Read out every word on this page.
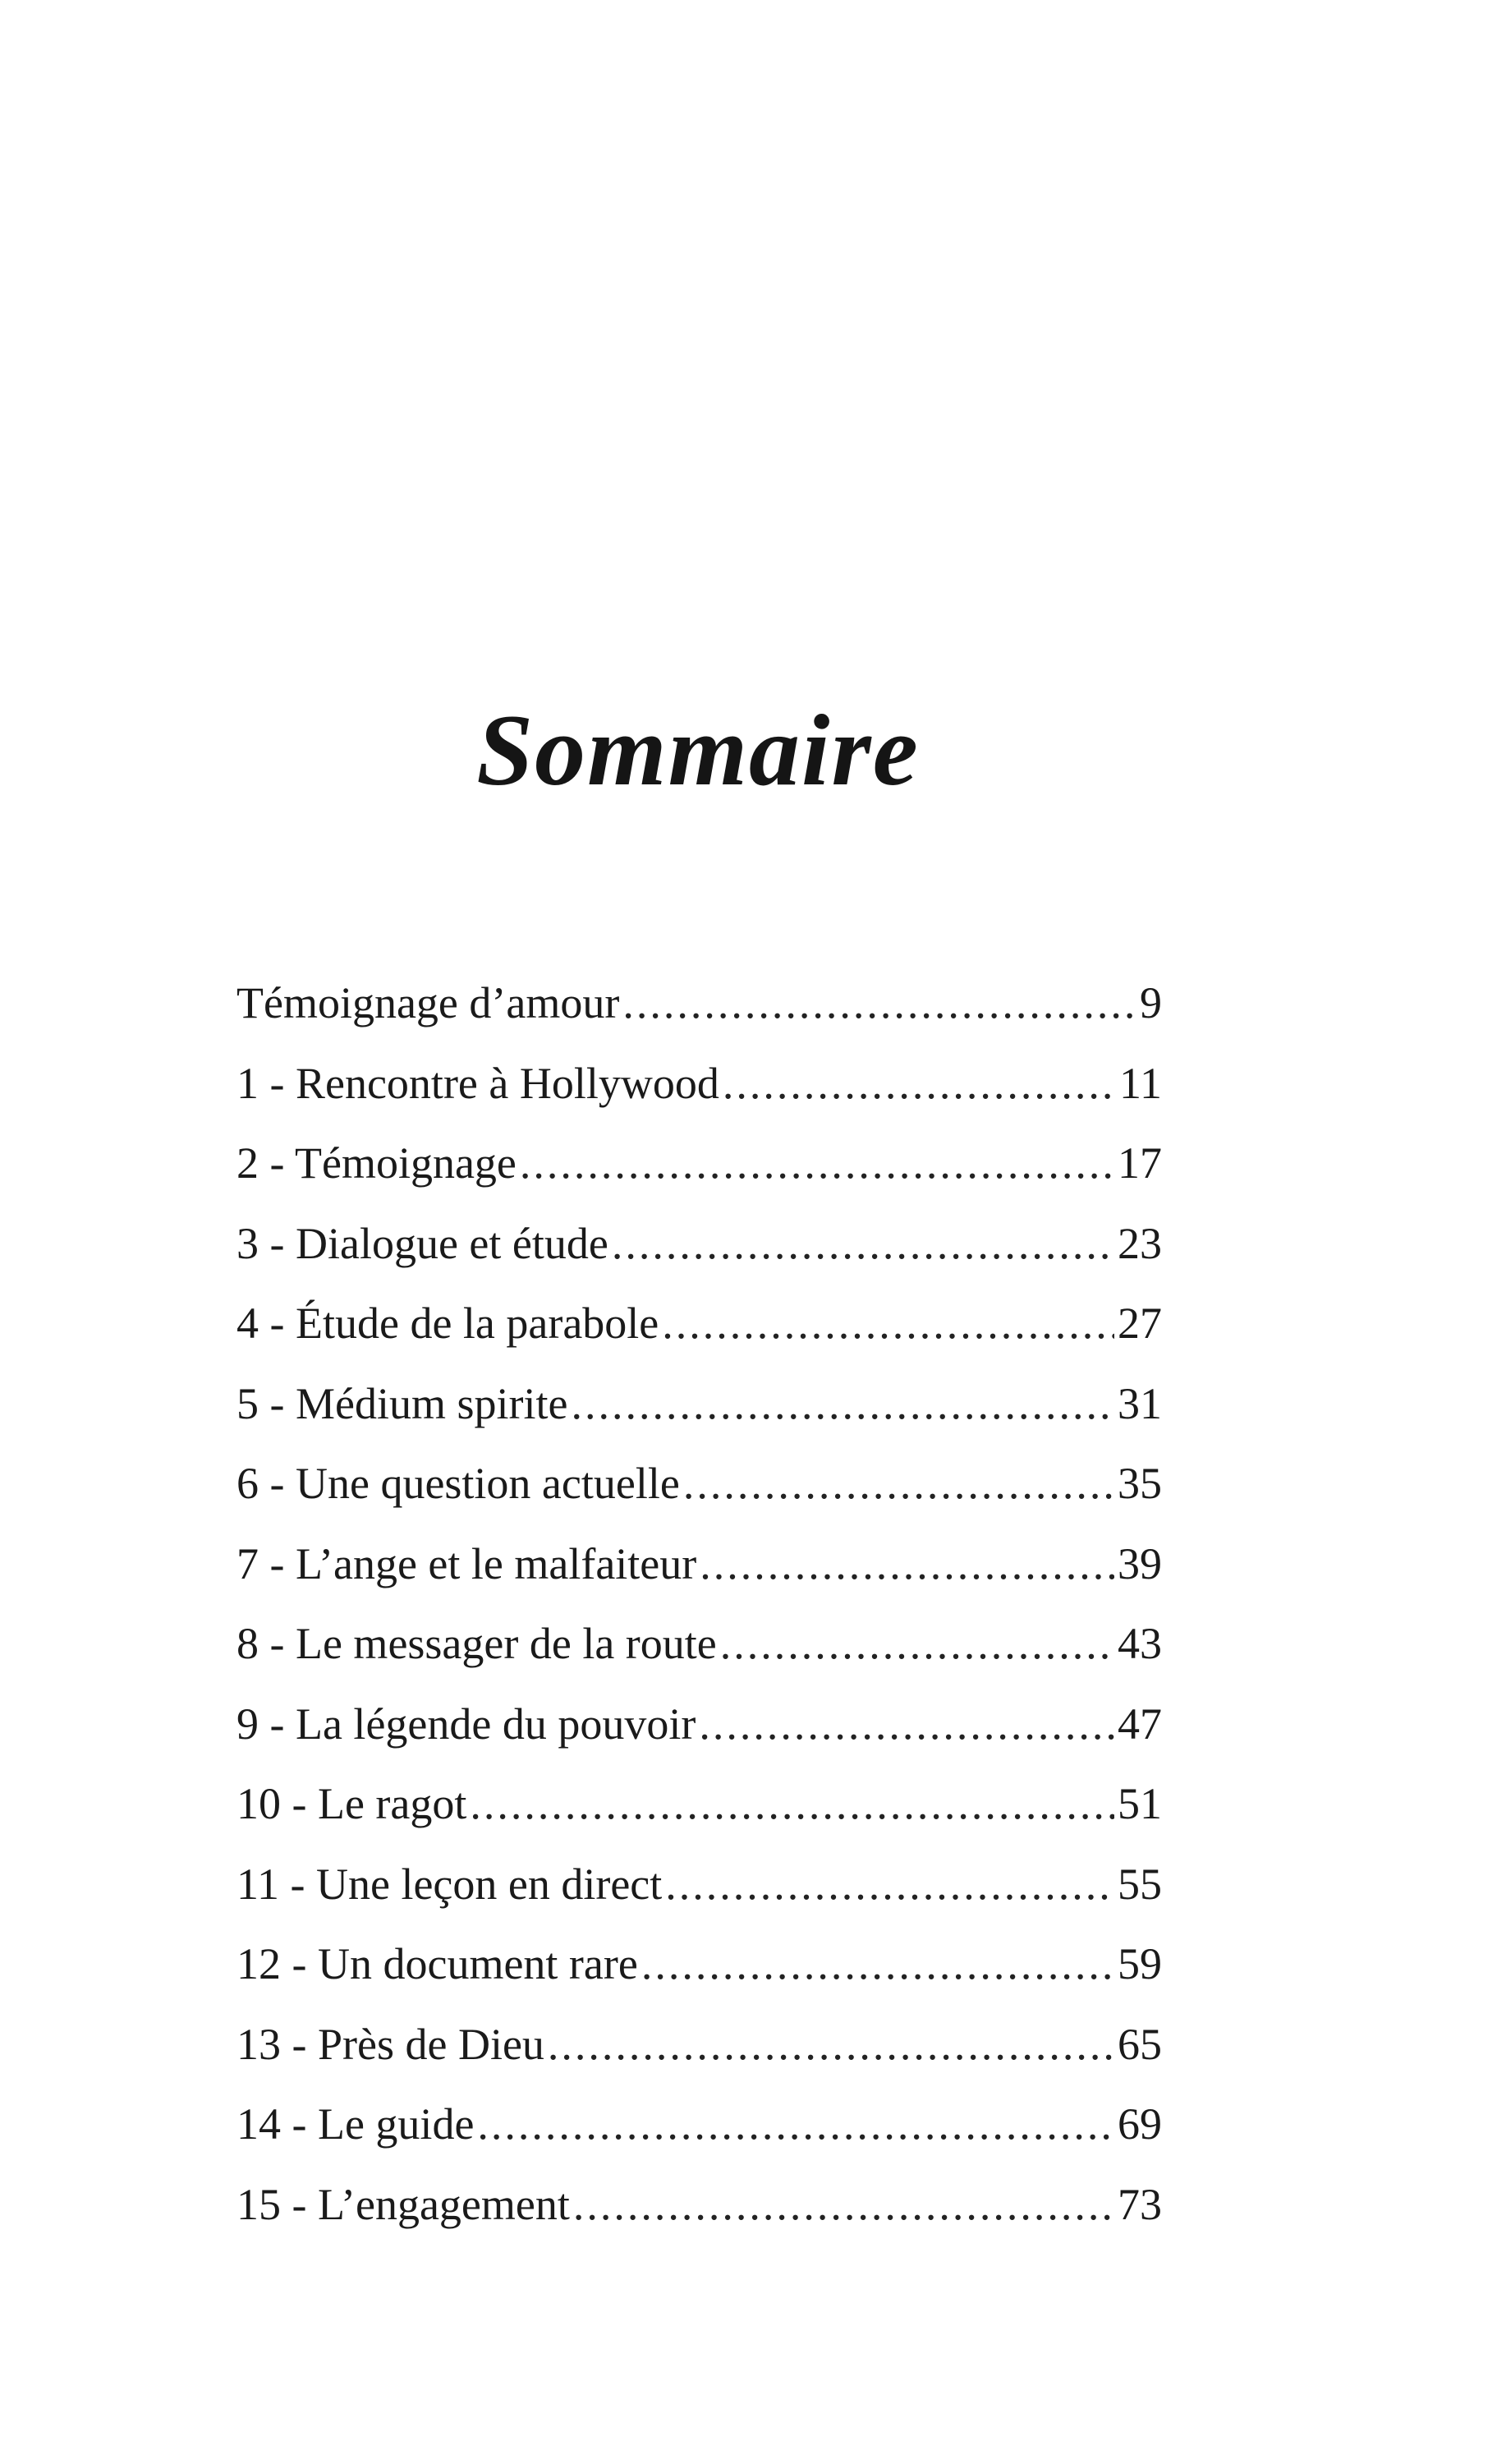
Sommaire
Témoignage d’amour .....	9
1 - Rencontre à Hollywood .....	11
2 - Témoignage .....	17
3 - Dialogue et étude .....	23
4 - Étude de la parabole .....	27
5 - Médium spirite .....	31
6 - Une question actuelle .....	35
7 - L’ange et le malfaiteur .....	39
8 - Le messager de la route .....	43
9 - La légende du pouvoir .....	47
10 - Le ragot .....	51
11 - Une leçon en direct .....	55
12 - Un document rare .....	59
13 - Près de Dieu .....	65
14 - Le guide .....	69
15 - L’engagement .....	73
